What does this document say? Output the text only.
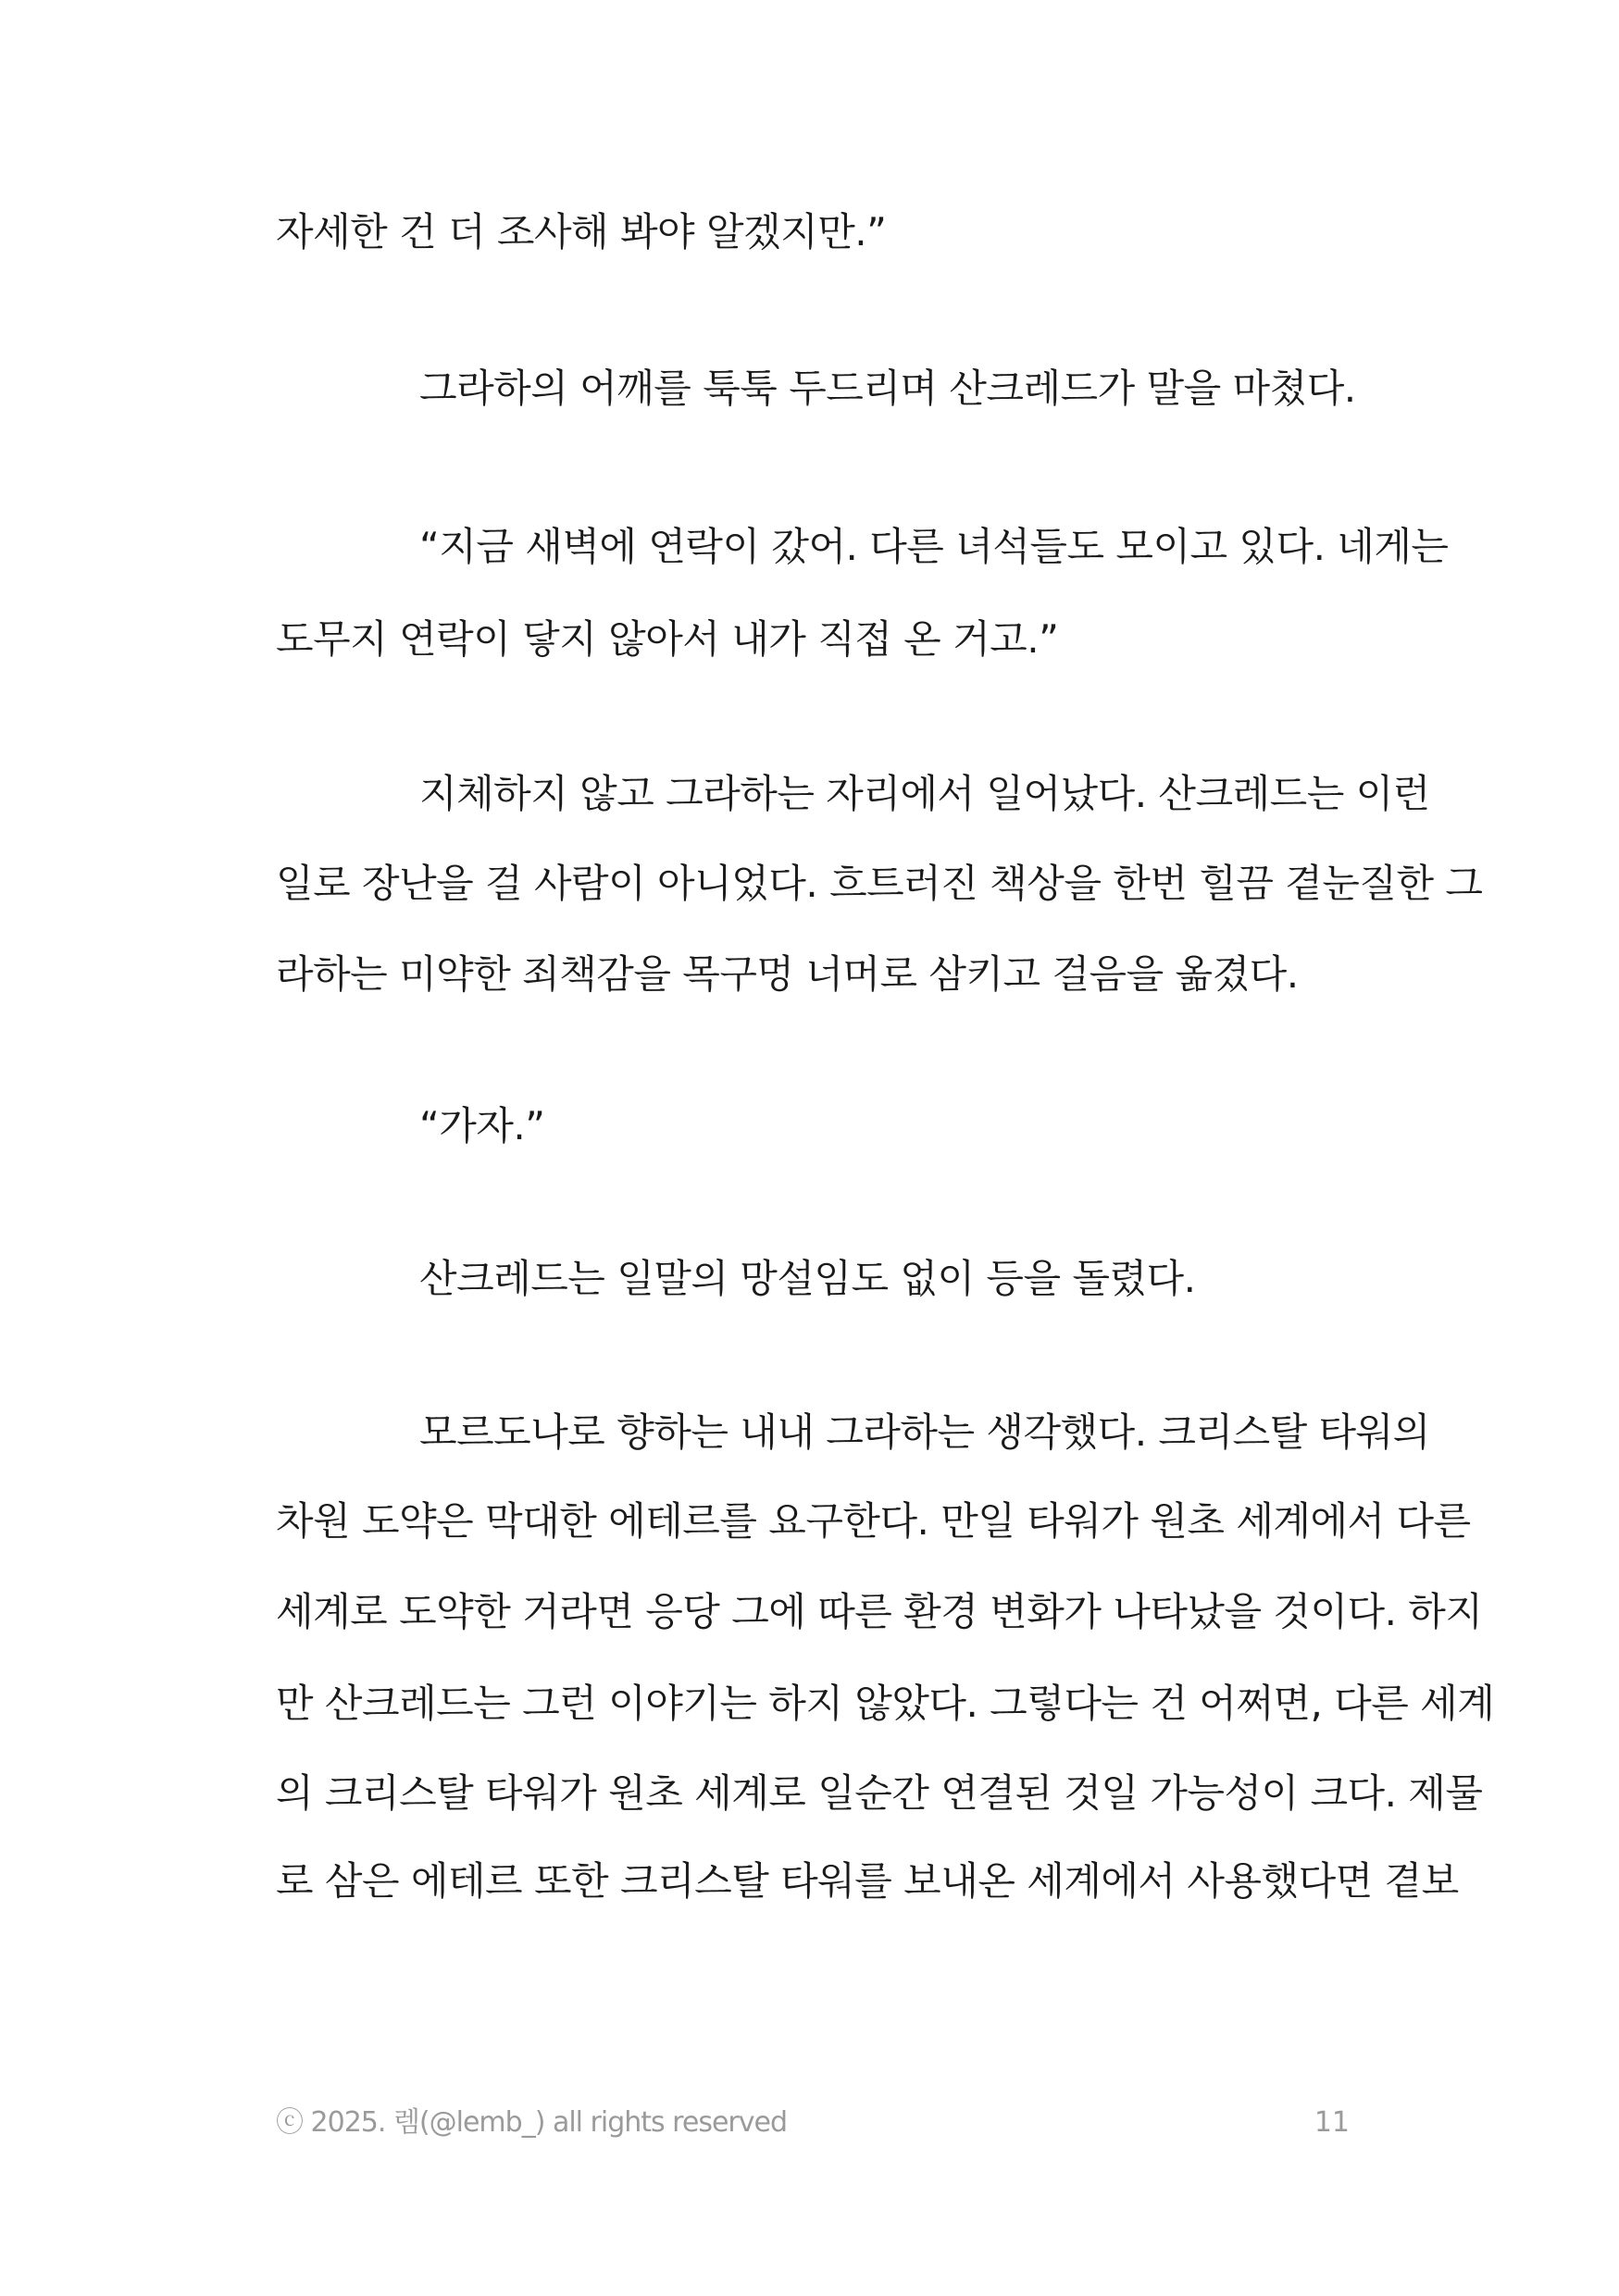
자세한 건 더 조사해 봐야 알겠지만.”
그라하의 어깨를 툭툭 두드리며 산크레드가 말을 마쳤다.
“지금 새벽에 연락이 갔어. 다른 녀석들도 모이고 있다. 네게는
도무지 연락이 닿지 않아서 내가 직접 온 거고.”
지체하지 않고 그라하는 자리에서 일어났다. 산크레드는 이런
일로 장난을 걸 사람이 아니었다. 흐트러진 책상을 한번 힐끔 곁눈질한 그
라하는 미약한 죄책감을 목구멍 너머로 삼키고 걸음을 옮겼다.
“가자.”
산크레드는 일말의 망설임도 없이 등을 돌렸다.
모르도나로 향하는 내내 그라하는 생각했다. 크리스탈 타워의
차원 도약은 막대한 에테르를 요구한다. 만일 타워가 원초 세계에서 다른
세계로 도약한 거라면 응당 그에 따른 환경 변화가 나타났을 것이다. 하지
만 산크레드는 그런 이야기는 하지 않았다. 그렇다는 건 어쩌면, 다른 세계
의 크리스탈 타워가 원초 세계로 일순간 연결된 것일 가능성이 크다. 제물
로 삼은 에테르 또한 크리스탈 타워를 보내온 세계에서 사용했다면 곁보
ⓒ 2025. 렘(@lemb_) all rights reserved	11
